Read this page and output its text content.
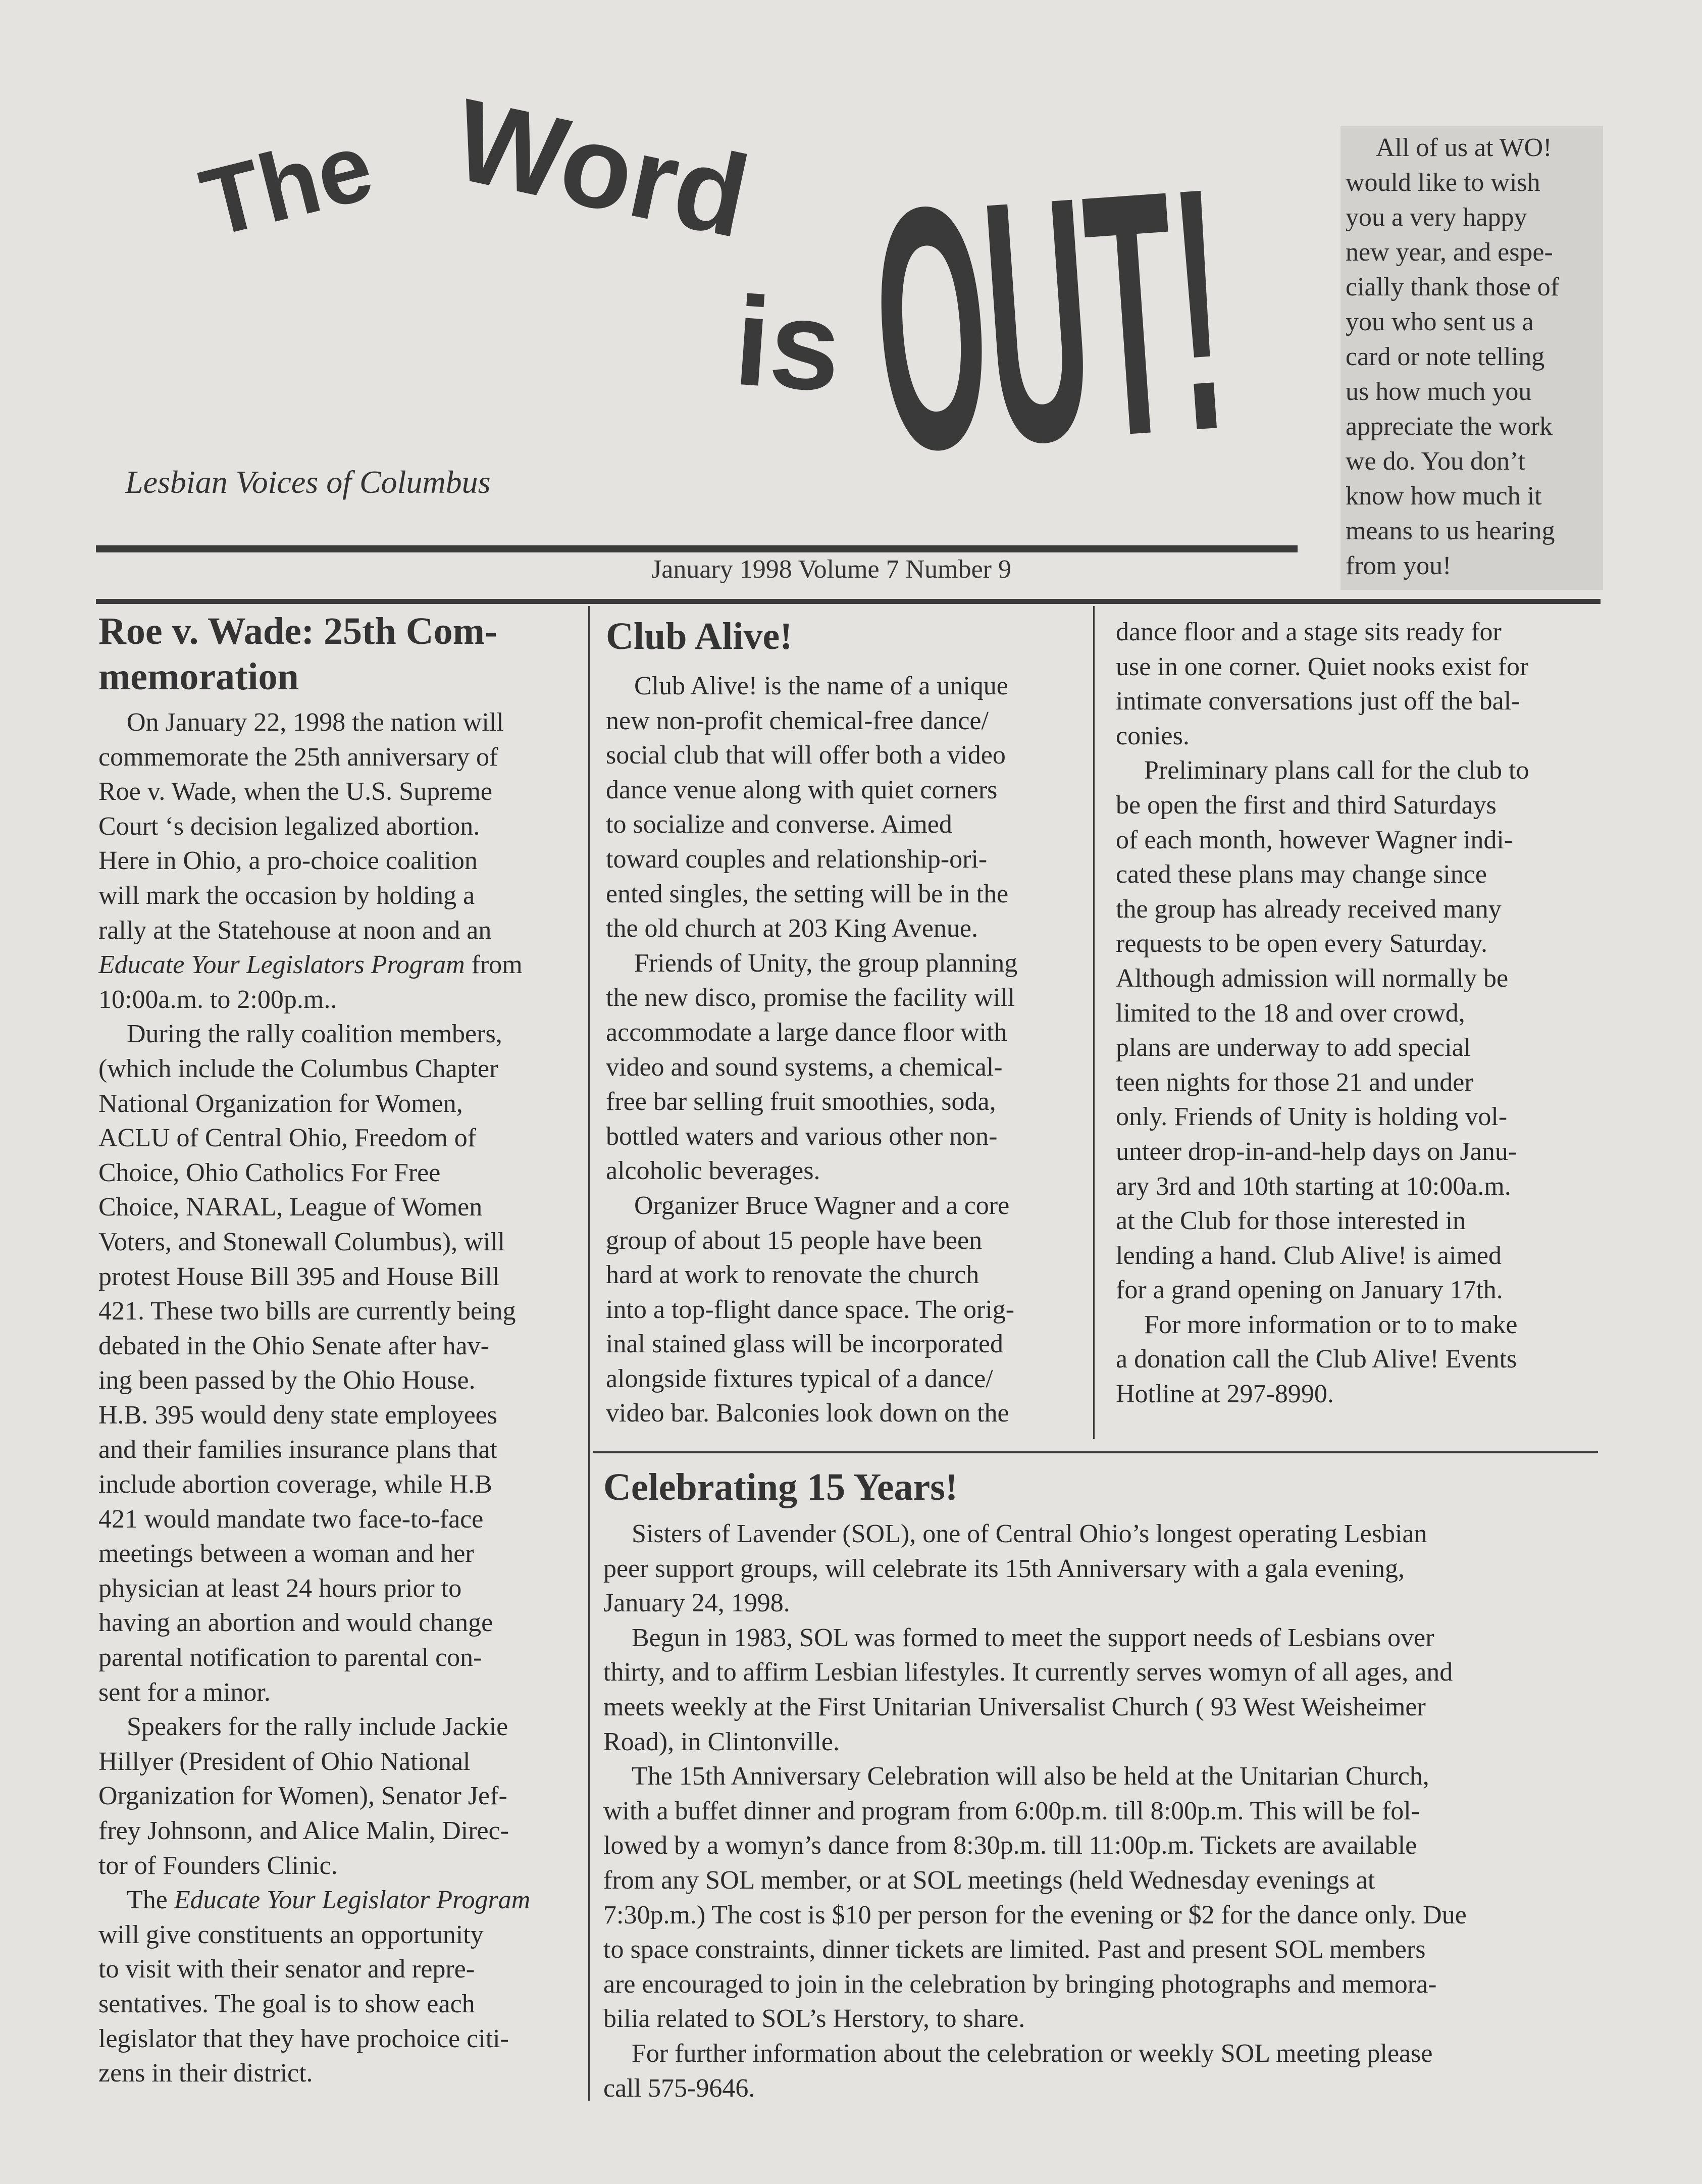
The Word
is OUT!
Lesbian Voices of Columbus
All of us at WO!
would like to wish
you a very happy
new year, and espe-
cially thank those of
you who sent us a
card or note telling
us how much you
appreciate the work
we do. You don’t
know how much it
means to us hearing
from you!
January 1998 Volume 7 Number 9
Roe v. Wade: 25th Com-
memoration
On January 22, 1998 the nation will
commemorate the 25th anniversary of
Roe v. Wade, when the U.S. Supreme
Court ‘s decision legalized abortion.
Here in Ohio, a pro-choice coalition
will mark the occasion by holding a
rally at the Statehouse at noon and an
Educate Your Legislators Program from
10:00a.m. to 2:00p.m..
During the rally coalition members,
(which include the Columbus Chapter
National Organization for Women,
ACLU of Central Ohio, Freedom of
Choice, Ohio Catholics For Free
Choice, NARAL, League of Women
Voters, and Stonewall Columbus), will
protest House Bill 395 and House Bill
421. These two bills are currently being
debated in the Ohio Senate after hav-
ing been passed by the Ohio House.
H.B. 395 would deny state employees
and their families insurance plans that
include abortion coverage, while H.B
421 would mandate two face-to-face
meetings between a woman and her
physician at least 24 hours prior to
having an abortion and would change
parental notification to parental con-
sent for a minor.
Speakers for the rally include Jackie
Hillyer (President of Ohio National
Organization for Women), Senator Jef-
frey Johnsonn, and Alice Malin, Direc-
tor of Founders Clinic.
The Educate Your Legislator Program
will give constituents an opportunity
to visit with their senator and repre-
sentatives. The goal is to show each
legislator that they have prochoice citi-
zens in their district.
Club Alive!
Club Alive! is the name of a unique
new non-profit chemical-free dance/
social club that will offer both a video
dance venue along with quiet corners
to socialize and converse. Aimed
toward couples and relationship-ori-
ented singles, the setting will be in the
the old church at 203 King Avenue.
Friends of Unity, the group planning
the new disco, promise the facility will
accommodate a large dance floor with
video and sound systems, a chemical-
free bar selling fruit smoothies, soda,
bottled waters and various other non-
alcoholic beverages.
Organizer Bruce Wagner and a core
group of about 15 people have been
hard at work to renovate the church
into a top-flight dance space. The orig-
inal stained glass will be incorporated
alongside fixtures typical of a dance/
video bar. Balconies look down on the
dance floor and a stage sits ready for
use in one corner. Quiet nooks exist for
intimate conversations just off the bal-
conies.
Preliminary plans call for the club to
be open the first and third Saturdays
of each month, however Wagner indi-
cated these plans may change since
the group has already received many
requests to be open every Saturday.
Although admission will normally be
limited to the 18 and over crowd,
plans are underway to add special
teen nights for those 21 and under
only. Friends of Unity is holding vol-
unteer drop-in-and-help days on Janu-
ary 3rd and 10th starting at 10:00a.m.
at the Club for those interested in
lending a hand. Club Alive! is aimed
for a grand opening on January 17th.
For more information or to to make
a donation call the Club Alive! Events
Hotline at 297-8990.
Celebrating 15 Years!
Sisters of Lavender (SOL), one of Central Ohio’s longest operating Lesbian
peer support groups, will celebrate its 15th Anniversary with a gala evening,
January 24, 1998.
Begun in 1983, SOL was formed to meet the support needs of Lesbians over
thirty, and to affirm Lesbian lifestyles. It currently serves womyn of all ages, and
meets weekly at the First Unitarian Universalist Church ( 93 West Weisheimer
Road), in Clintonville.
The 15th Anniversary Celebration will also be held at the Unitarian Church,
with a buffet dinner and program from 6:00p.m. till 8:00p.m. This will be fol-
lowed by a womyn’s dance from 8:30p.m. till 11:00p.m. Tickets are available
from any SOL member, or at SOL meetings (held Wednesday evenings at
7:30p.m.) The cost is $10 per person for the evening or $2 for the dance only. Due
to space constraints, dinner tickets are limited. Past and present SOL members
are encouraged to join in the celebration by bringing photographs and memora-
bilia related to SOL’s Herstory, to share.
For further information about the celebration or weekly SOL meeting please
call 575-9646.
